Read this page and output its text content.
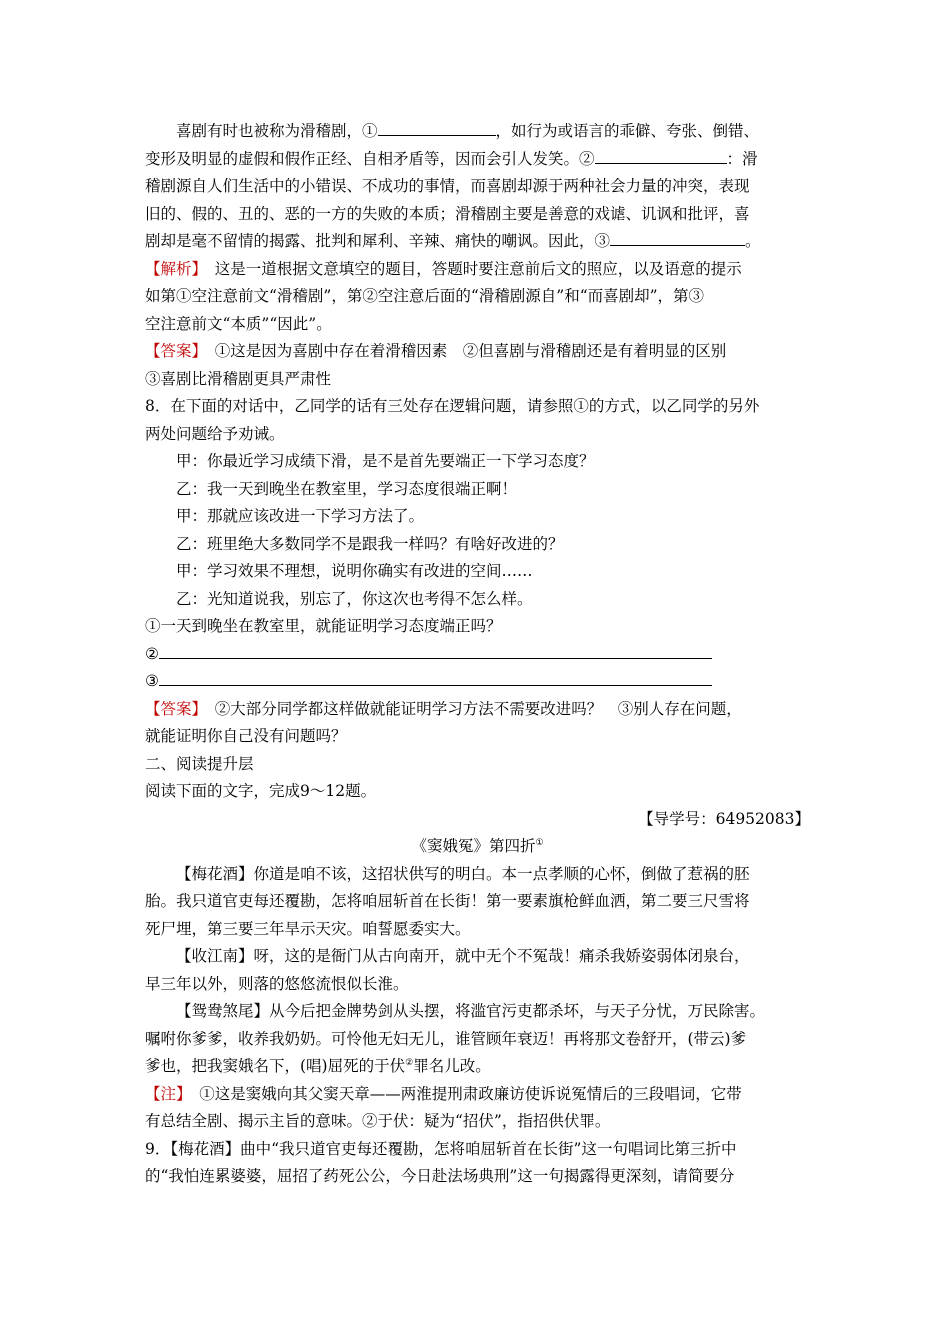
喜剧有时也被称为滑稽剧，①	，如行为或语言的乖僻、夸张、倒错、
变形及明显的虚假和假作正经、自相矛盾等，因而会引人发笑。②	：滑
稽剧源自人们生活中的小错误、不成功的事情，而喜剧却源于两种社会力量的冲突，表现
旧的、假的、丑的、恶的一方的失败的本质；滑稽剧主要是善意的戏谑、讥讽和批评，喜
剧却是毫不留情的揭露、批判和犀利、辛辣、痛快的嘲讽。因此，③	。
【解析】　这是一道根据文意填空的题目，答题时要注意前后文的照应，以及语意的提示
如第①空注意前文“滑稽剧”，第②空注意后面的“滑稽剧源自”和“而喜剧却”，第③
空注意前文“本质”“因此”。
【答案】　①这是因为喜剧中存在着滑稽因素　②但喜剧与滑稽剧还是有着明显的区别
③喜剧比滑稽剧更具严肃性
8．在下面的对话中，乙同学的话有三处存在逻辑问题，请参照①的方式，以乙同学的另外
两处问题给予劝诫。
甲：你最近学习成绩下滑，是不是首先要端正一下学习态度？
乙：我一天到晚坐在教室里，学习态度很端正啊！
甲：那就应该改进一下学习方法了。
乙：班里绝大多数同学不是跟我一样吗？有啥好改进的？
甲：学习效果不理想，说明你确实有改进的空间……
乙：光知道说我，别忘了，你这次也考得不怎么样。
①一天到晚坐在教室里，就能证明学习态度端正吗？
②
③
【答案】　②大部分同学都这样做就能证明学习方法不需要改进吗？　③别人存在问题，
就能证明你自己没有问题吗？
二、阅读提升层
阅读下面的文字，完成9～12题。
【导学号：64952083】
《窦娥冤》第四折①
【梅花酒】你道是咱不该，这招状供写的明白。本一点孝顺的心怀，倒做了惹祸的胚
胎。我只道官吏每还覆勘，怎将咱屈斩首在长街！第一要素旗枪鲜血洒，第二要三尺雪将
死尸埋，第三要三年旱示天灾。咱誓愿委实大。
【收江南】呀，这的是衙门从古向南开，就中无个不冤哉！痛杀我娇姿弱体闭泉台，
早三年以外，则落的悠悠流恨似长淮。
【鸳鸯煞尾】从今后把金牌势剑从头摆，将滥官污吏都杀坏，与天子分忧，万民除害。
嘱咐你爹爹，收养我奶奶。可怜他无妇无儿，谁管顾年衰迈！再将那文卷舒开，(带云)爹
爹也，把我窦娥名下，(唱)屈死的于伏②罪名儿改。
【注】　①这是窦娥向其父窦天章——两淮提刑肃政廉访使诉说冤情后的三段唱词，它带
有总结全剧、揭示主旨的意味。②于伏：疑为“招伏”，指招供伏罪。
9．【梅花酒】曲中“我只道官吏每还覆勘，怎将咱屈斩首在长街”这一句唱词比第三折中
的“我怕连累婆婆，屈招了药死公公，今日赴法场典刑”这一句揭露得更深刻，请简要分
